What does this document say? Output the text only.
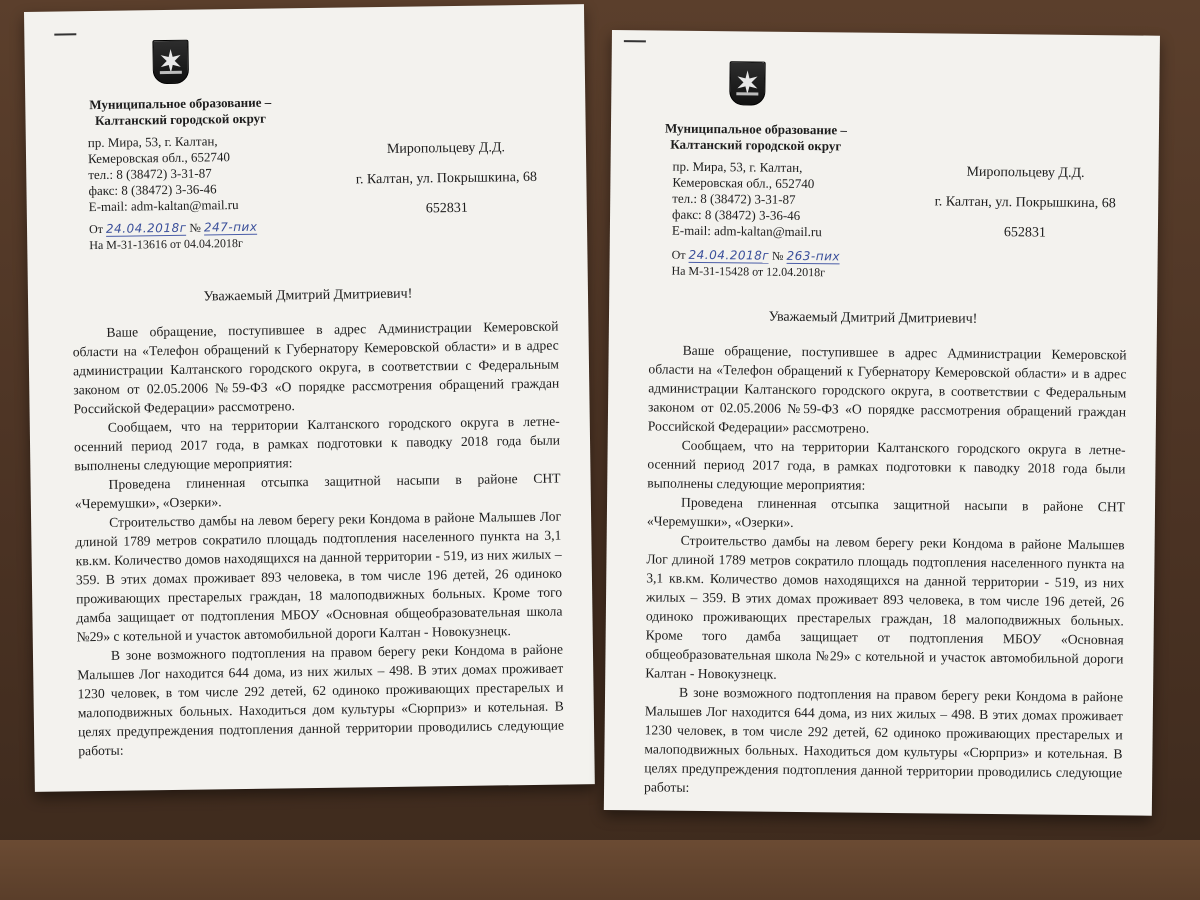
Муниципальное образование –
Калтанский городской округ
пр. Мира, 53, г. Калтан,
Кемеровская обл., 652740
тел.: 8 (38472) 3-31-87
факс: 8 (38472) 3-36-46
E-mail: adm-kaltan@mail.ru
Миропольцеву Д.Д.
г. Калтан, ул. Покрышкина, 68
652831
От 24.04.2018г № 247-пих
На М-31-13616 от 04.04.2018г
Уважаемый Дмитрий Дмитриевич!

Ваше обращение, поступившее в адрес Администрации Кемеровской области на «Телефон обращений к Губернатору Кемеровской области» и в адрес администрации Калтанского городского округа, в соответствии с Федеральным законом от 02.05.2006 №59-ФЗ «О порядке рассмотрения обращений граждан Российской Федерации» рассмотрено.

Сообщаем, что на территории Калтанского городского округа в летне-осенний период 2017 года, в рамках подготовки к паводку 2018 года были выполнены следующие мероприятия:

Проведена глиненная отсыпка защитной насыпи в районе СНТ «Черемушки», «Озерки».

Строительство дамбы на левом берегу реки Кондома в районе Малышев Лог длиной 1789 метров сократило площадь подтопления населенного пункта на 3,1 кв.км. Количество домов находящихся на данной территории - 519, из них жилых – 359. В этих домах проживает 893 человека, в том числе 196 детей, 26 одиноко проживающих престарелых граждан, 18 малоподвижных больных. Кроме того дамба защищает от подтопления МБОУ «Основная общеобразовательная школа №29» с котельной и участок автомобильной дороги Калтан - Новокузнецк.

В зоне возможного подтопления на правом берегу реки Кондома в районе Малышев Лог находится 644 дома, из них жилых – 498. В этих домах проживает 1230 человек, в том числе 292 детей, 62 одиноко проживающих престарелых и малоподвижных больных. Находиться дом культуры «Сюрприз» и котельная. В целях предупреждения подтопления данной территории проводились следующие работы:

Муниципальное образование –
Калтанский городской округ
пр. Мира, 53, г. Калтан,
Кемеровская обл., 652740
тел.: 8 (38472) 3-31-87
факс: 8 (38472) 3-36-46
E-mail: adm-kaltan@mail.ru
Миропольцеву Д.Д.
г. Калтан, ул. Покрышкина, 68
652831
От 24.04.2018г № 263-пих
На М-31-15428 от 12.04.2018г
Уважаемый Дмитрий Дмитриевич!

Ваше обращение, поступившее в адрес Администрации Кемеровской области на «Телефон обращений к Губернатору Кемеровской области» и в адрес администрации Калтанского городского округа, в соответствии с Федеральным законом от 02.05.2006 №59-ФЗ «О порядке рассмотрения обращений граждан Российской Федерации» рассмотрено.

Сообщаем, что на территории Калтанского городского округа в летне-осенний период 2017 года, в рамках подготовки к паводку 2018 года были выполнены следующие мероприятия:

Проведена глиненная отсыпка защитной насыпи в районе СНТ «Черемушки», «Озерки».

Строительство дамбы на левом берегу реки Кондома в районе Малышев Лог длиной 1789 метров сократило площадь подтопления населенного пункта на 3,1 кв.км. Количество домов находящихся на данной территории - 519, из них жилых – 359. В этих домах проживает 893 человека, в том числе 196 детей, 26 одиноко проживающих престарелых граждан, 18 малоподвижных больных. Кроме того дамба защищает от подтопления МБОУ «Основная общеобразовательная школа №29» с котельной и участок автомобильной дороги Калтан - Новокузнецк.

В зоне возможного подтопления на правом берегу реки Кондома в районе Малышев Лог находится 644 дома, из них жилых – 498. В этих домах проживает 1230 человек, в том числе 292 детей, 62 одиноко проживающих престарелых и малоподвижных больных. Находиться дом культуры «Сюрприз» и котельная. В целях предупреждения подтопления данной территории проводились следующие работы:
